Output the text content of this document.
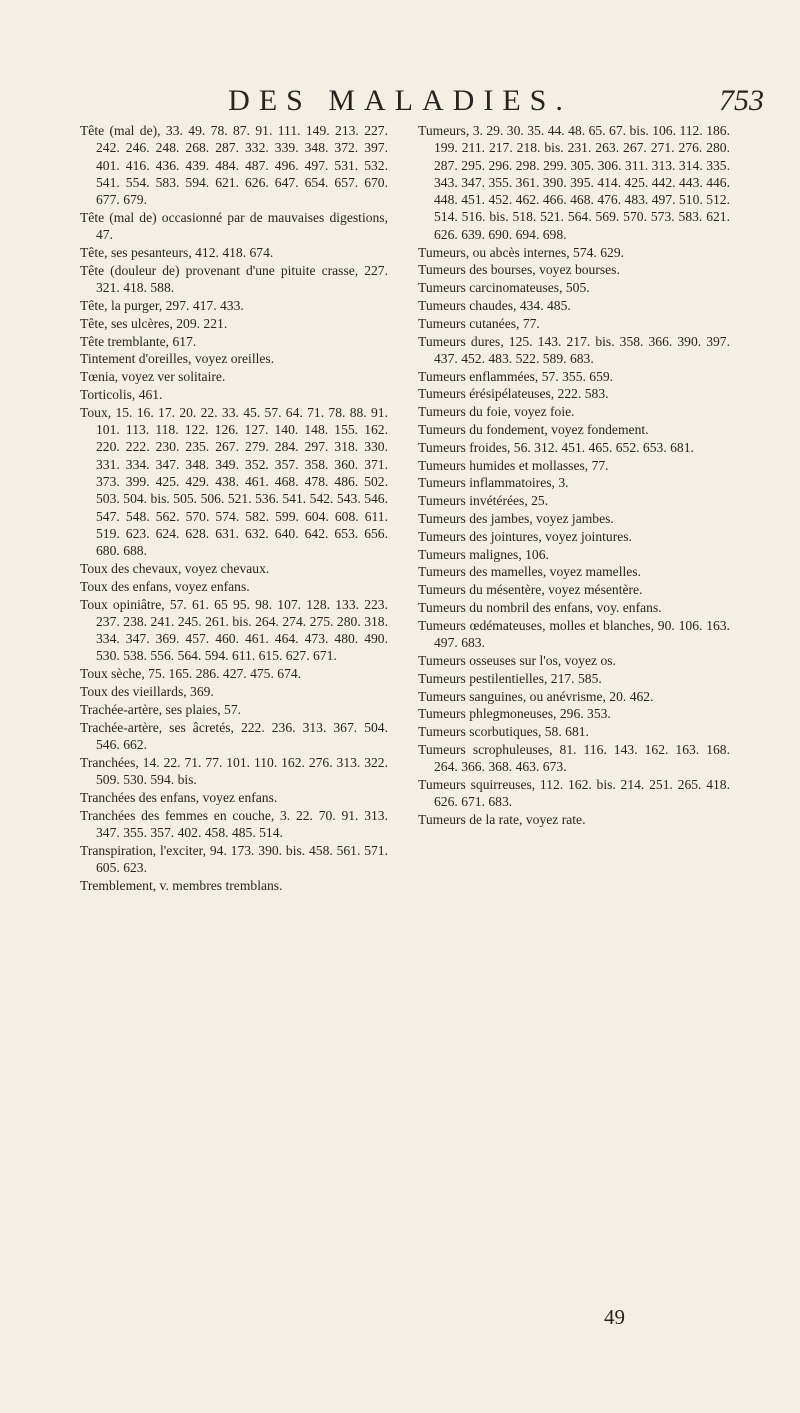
DES MALADIES.	753

Tête (mal de), 33. 49. 78. 87. 91. 111. 149. 213. 227. 242. 246. 248. 268. 287. 332. 339. 348. 372. 397. 401. 416. 436. 439. 484. 487. 496. 497. 531. 532. 541. 554. 583. 594. 621. 626. 647. 654. 657. 670. 677. 679.

Tête (mal de) occasionné par de mauvaises digestions, 47.

Tête, ses pesanteurs, 412. 418. 674.

Tête (douleur de) provenant d'une pituite crasse, 227. 321. 418. 588.

Tête, la purger, 297. 417. 433.

Tête, ses ulcères, 209. 221.

Tête tremblante, 617.

Tintement d'oreilles, voyez oreilles.

Tœnia, voyez ver solitaire.

Torticolis, 461.

Toux, 15. 16. 17. 20. 22. 33. 45. 57. 64. 71. 78. 88. 91. 101. 113. 118. 122. 126. 127. 140. 148. 155. 162. 220. 222. 230. 235. 267. 279. 284. 297. 318. 330. 331. 334. 347. 348. 349. 352. 357. 358. 360. 371. 373. 399. 425. 429. 438. 461. 468. 478. 486. 502. 503. 504. bis. 505. 506. 521. 536. 541. 542. 543. 546. 547. 548. 562. 570. 574. 582. 599. 604. 608. 611. 519. 623. 624. 628. 631. 632. 640. 642. 653. 656. 680. 688.

Toux des chevaux, voyez chevaux.

Toux des enfans, voyez enfans.

Toux opiniâtre, 57. 61. 65 95. 98. 107. 128. 133. 223. 237. 238. 241. 245. 261. bis. 264. 274. 275. 280. 318. 334. 347. 369. 457. 460. 461. 464. 473. 480. 490. 530. 538. 556. 564. 594. 611. 615. 627. 671.

Toux sèche, 75. 165. 286. 427. 475. 674.

Toux des vieillards, 369.

Trachée-artère, ses plaies, 57.

Trachée-artère, ses âcretés, 222. 236. 313. 367. 504. 546. 662.

Tranchées, 14. 22. 71. 77. 101. 110. 162. 276. 313. 322. 509. 530. 594. bis.

Tranchées des enfans, voyez enfans.

Tranchées des femmes en couche, 3. 22. 70. 91. 313. 347. 355. 357. 402. 458. 485. 514.

Transpiration, l'exciter, 94. 173. 390. bis. 458. 561. 571. 605. 623.

Tremblement, v. membres tremblans.

Tumeurs, 3. 29. 30. 35. 44. 48. 65. 67. bis. 106. 112. 186. 199. 211. 217. 218. bis. 231. 263. 267. 271. 276. 280. 287. 295. 296. 298. 299. 305. 306. 311. 313. 314. 335. 343. 347. 355. 361. 390. 395. 414. 425. 442. 443. 446. 448. 451. 452. 462. 466. 468. 476. 483. 497. 510. 512. 514. 516. bis. 518. 521. 564. 569. 570. 573. 583. 621. 626. 639. 690. 694. 698.

Tumeurs, ou abcès internes, 574. 629.

Tumeurs des bourses, voyez bourses.

Tumeurs carcinomateuses, 505.

Tumeurs chaudes, 434. 485.

Tumeurs cutanées, 77.

Tumeurs dures, 125. 143. 217. bis. 358. 366. 390. 397. 437. 452. 483. 522. 589. 683.

Tumeurs enflammées, 57. 355. 659.

Tumeurs érésipélateuses, 222. 583.

Tumeurs du foie, voyez foie.

Tumeurs du fondement, voyez fondement.

Tumeurs froides, 56. 312. 451. 465. 652. 653. 681.

Tumeurs humides et mollasses, 77.

Tumeurs inflammatoires, 3.

Tumeurs invétérées, 25.

Tumeurs des jambes, voyez jambes.

Tumeurs des jointures, voyez jointures.

Tumeurs malignes, 106.

Tumeurs des mamelles, voyez mamelles.

Tumeurs du mésentère, voyez mésentère.

Tumeurs du nombril des enfans, voy. enfans.

Tumeurs œdémateuses, molles et blanches, 90. 106. 163. 497. 683.

Tumeurs osseuses sur l'os, voyez os.

Tumeurs pestilentielles, 217. 585.

Tumeurs sanguines, ou anévrisme, 20. 462.

Tumeurs phlegmoneuses, 296. 353.

Tumeurs scorbutiques, 58. 681.

Tumeurs scrophuleuses, 81. 116. 143. 162. 163. 168. 264. 366. 368. 463. 673.

Tumeurs squirreuses, 112. 162. bis. 214. 251. 265. 418. 626. 671. 683.

Tumeurs de la rate, voyez rate.

49
